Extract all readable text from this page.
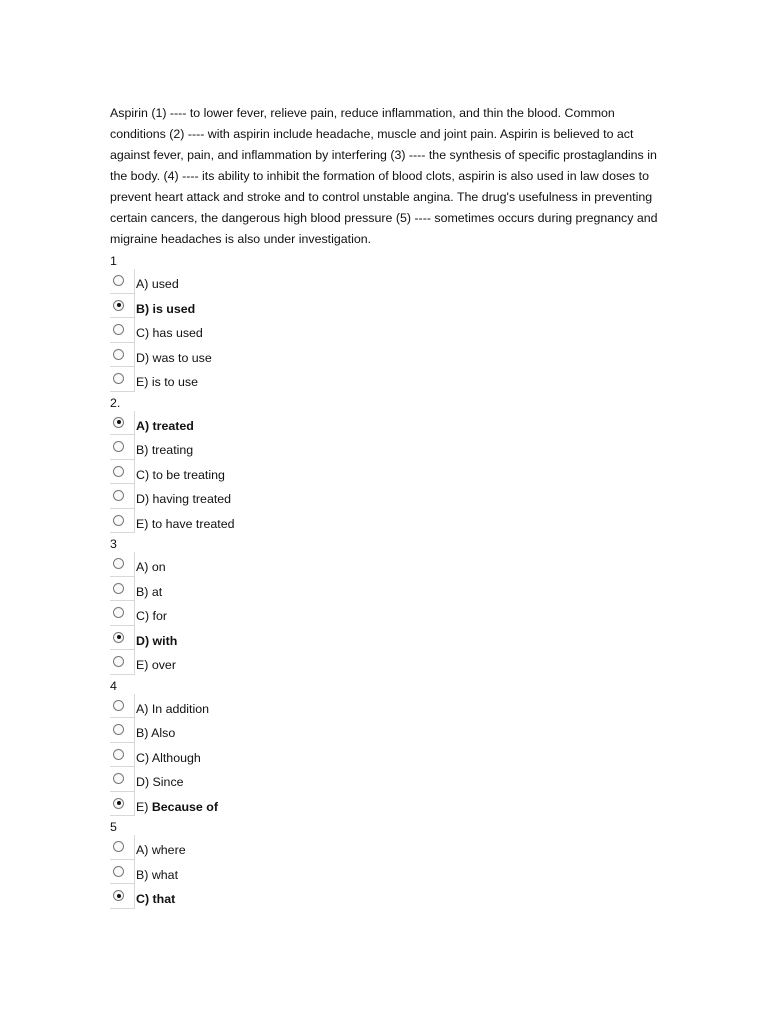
Aspirin (1) ---- to lower fever, relieve pain, reduce inflammation, and thin the blood. Common conditions (2) ---- with aspirin include headache, muscle and joint pain. Aspirin is believed to act against fever, pain, and inflammation by interfering (3) ---- the synthesis of specific prostaglandins in the body. (4) ---- its ability to inhibit the formation of blood clots, aspirin is also used in law doses to prevent heart attack and stroke and to control unstable angina. The drug's usefulness in preventing certain cancers, the dangerous high blood pressure (5) ---- sometimes occurs during pregnancy and migraine headaches is also under investigation.

1
A) used
B) is used
C) has used
D) was to use
E) is to use
2.
A) treated
B) treating
C) to be treating
D) having treated
E) to have treated
3
A) on
B) at
C) for
D) with
E) over
4
A) In addition
B) Also
C) Although
D) Since
E) Because of
5
A) where
B) what
C) that
